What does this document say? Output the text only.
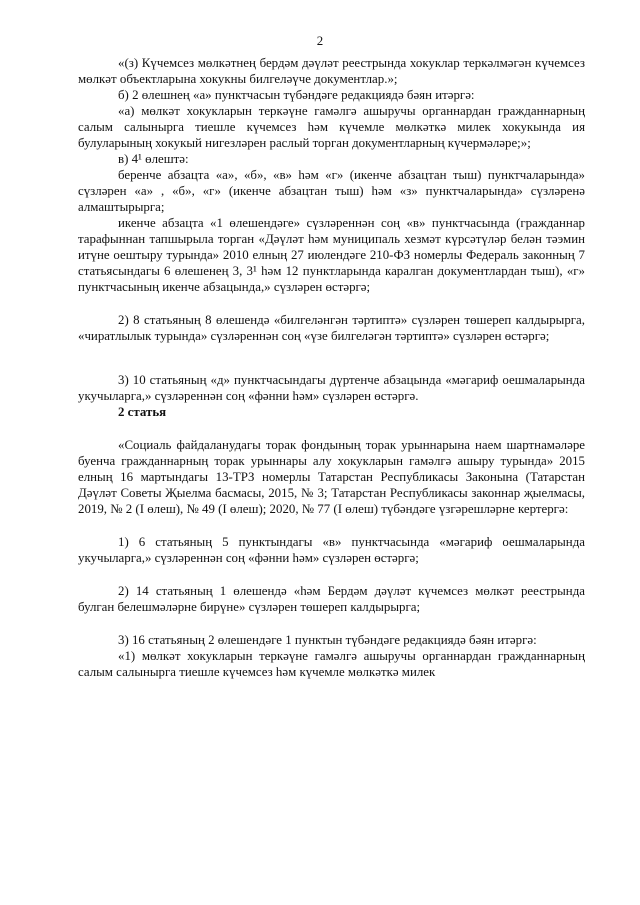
2

«(з) Күчемсез мөлкәтнең бердәм дәүләт реестрында хокуклар теркәлмәгән күчемсез мөлкәт объектларына хокукны билгеләүче документлар.»;

б) 2 өлешнең «а» пунктчасын түбәндәге редакциядә бәян итәргә:

«а) мөлкәт хокукларын теркәүне гамәлгә ашыручы органнардан гражданнарның салым салынырга тиешле күчемсез һәм күчемле мөлкәткә милек хокукында ия булуларының хокукый нигезләрен раслый торган документларның күчермәләре;»;

в) 4¹ өлештә:

беренче абзацта «а», «б», «в» һәм «г» (икенче абзацтан тыш) пунктчаларында» сүзләрен «а» , «б», «г» (икенче абзацтан тыш) һәм «з» пунктчаларында» сүзләренә алмаштырырга;

икенче абзацта «1 өлешендәге» сүзләреннән соң «в» пунктчасында (гражданнар тарафыннан тапшырыла торган «Дәүләт һәм муниципаль хезмәт күрсәтүләр белән тәэмин итүне оештыру турында» 2010 елның 27 июлендәге 210-ФЗ номерлы Федераль законның 7 статьясындагы 6 өлешенең 3, 3¹ һәм 12 пунктларында каралган документлардан тыш), «г» пунктчасының икенче абзацында,» сүзләрен өстәргә;

2) 8 статьяның 8 өлешендә «билгеләнгән тәртиптә» сүзләрен төшереп калдырырга, «чиратлылык турында» сүзләреннән соң «үзе билгеләгән тәртиптә» сүзләрен өстәргә;

3) 10 статьяның «д» пунктчасындагы дүртенче абзацында «мәгариф оешмаларында укучыларга,» сүзләреннән соң «фәнни һәм» сүзләрен өстәргә.

2 статья

«Социаль файдаланудагы торак фондының торак урыннарына наем шартнамәләре буенча гражданнарның торак урыннары алу хокукларын гамәлгә ашыру турында» 2015 елның 16 мартындагы 13-ТРЗ номерлы Татарстан Республикасы Законына (Татарстан Дәүләт Советы Җыелма басмасы, 2015, № 3; Татарстан Республикасы законнар җыелмасы, 2019, № 2 (I өлеш), № 49 (I өлеш); 2020, № 77 (I өлеш) түбәндәге үзгәрешләрне кертергә:

1) 6 статьяның 5 пунктындагы «в» пунктчасында «мәгариф оешмаларында укучыларга,» сүзләреннән соң «фәнни һәм» сүзләрен өстәргә;

2) 14 статьяның 1 өлешендә «һәм Бердәм дәүләт күчемсез мөлкәт реестрында булган белешмәләрне бирүне» сүзләрен төшереп калдырырга;

3) 16 статьяның 2 өлешендәге 1 пунктын түбәндәге редакциядә бәян итәргә:

«1) мөлкәт хокукларын теркәүне гамәлгә ашыручы органнардан гражданнарның салым салынырга тиешле күчемсез һәм күчемле мөлкәткә милек
